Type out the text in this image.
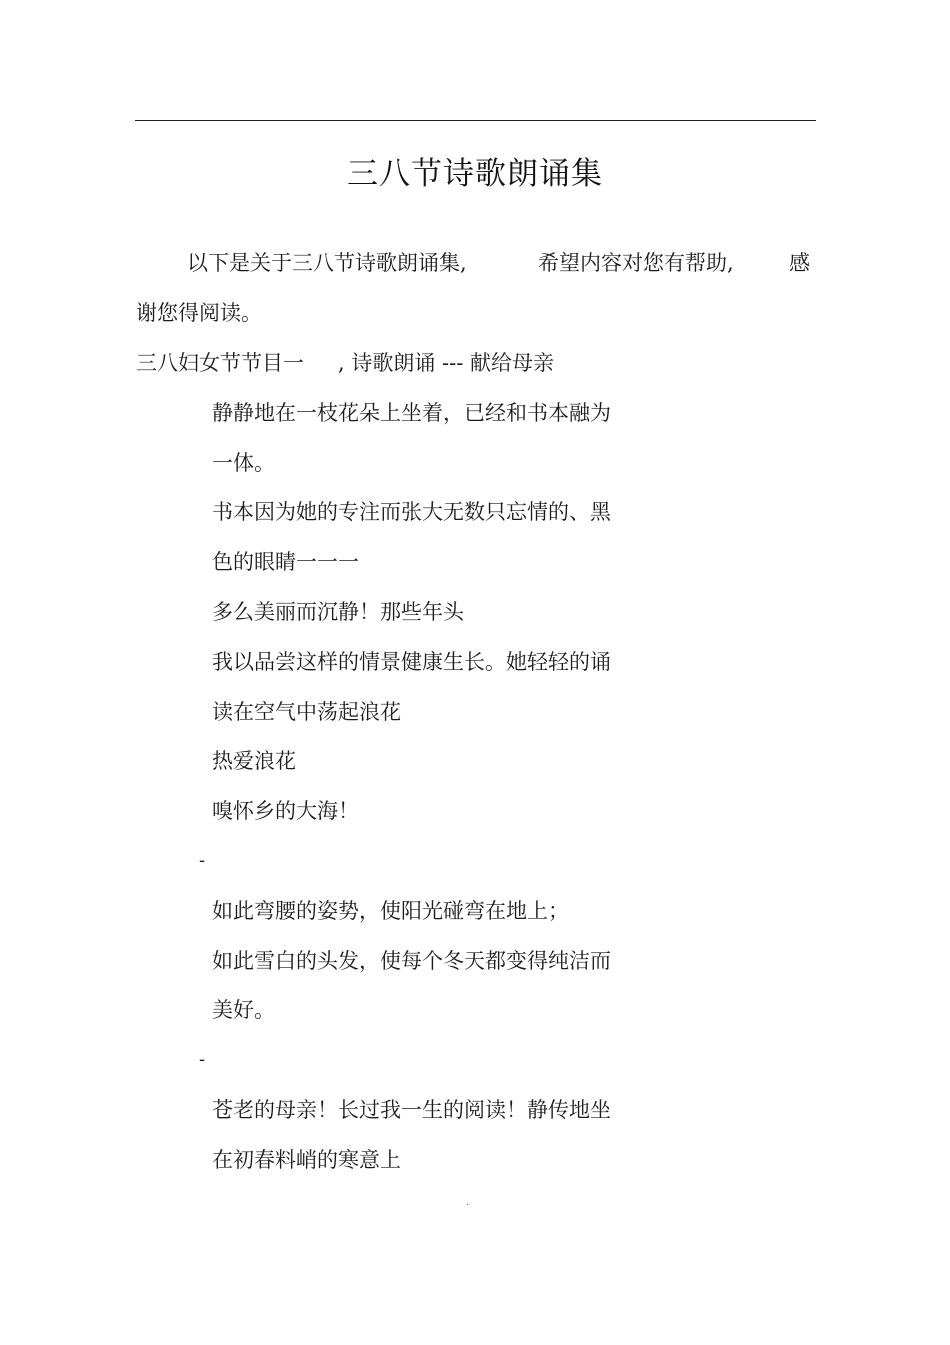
三八节诗歌朗诵集
以下是关于三八节诗歌朗诵集,	希望内容对您有帮助,	感
谢您得阅读。
三八妇女节节目一 , 诗歌朗诵 --- 献给母亲
静静地在一枝花朵上坐着，已经和书本融为
一体。
书本因为她的专注而张大无数只忘情的、黑
色的眼睛一一一
多么美丽而沉静！那些年头
我以品尝这样的情景健康生长。她轻轻的诵
读在空气中荡起浪花
热爱浪花
嗅怀乡的大海！
-
如此弯腰的姿势，使阳光碰弯在地上；
如此雪白的头发，使每个冬天都变得纯洁而
美好。
-
苍老的母亲！长过我一生的阅读！静传地坐
在初春料峭的寒意上
.
